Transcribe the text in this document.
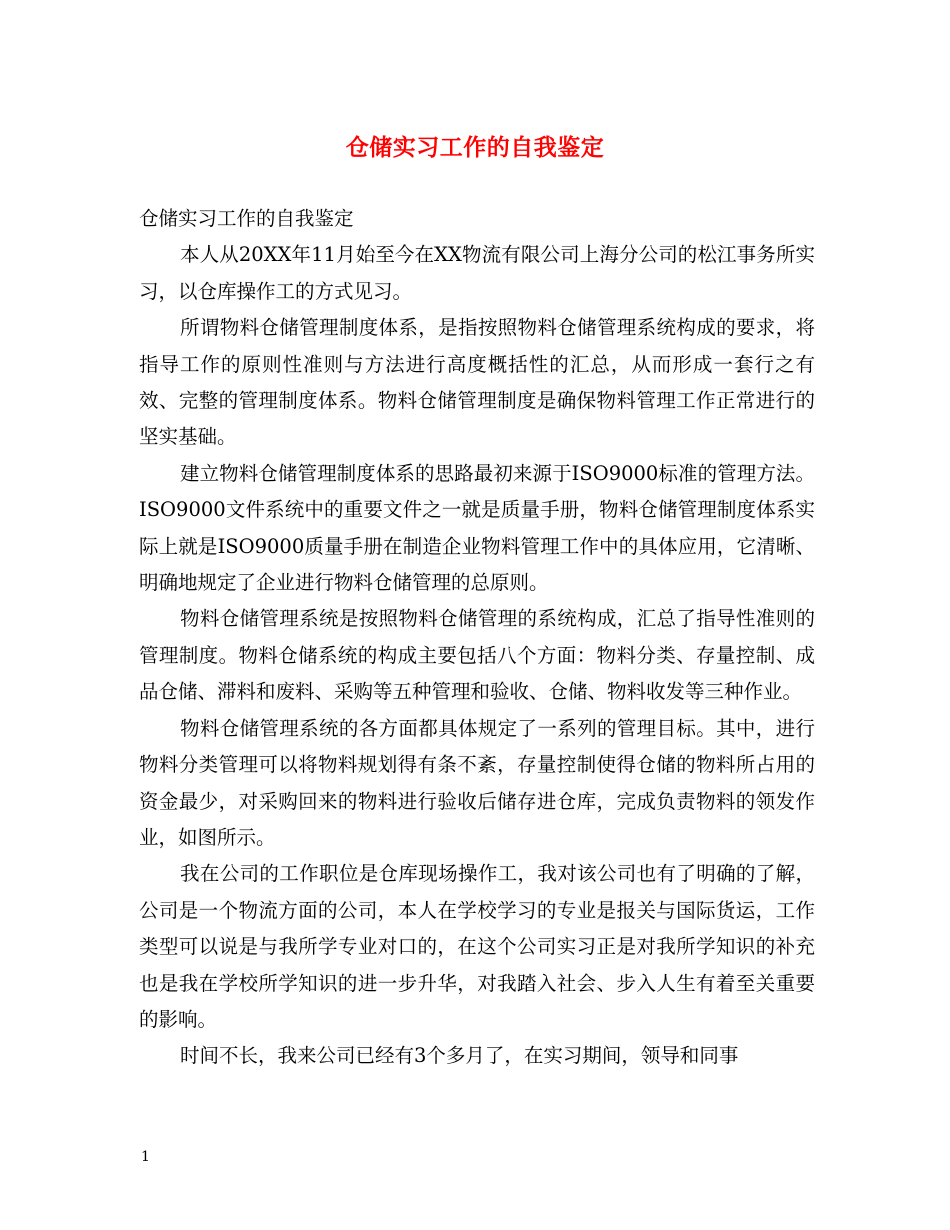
仓储实习工作的自我鉴定

仓储实习工作的自我鉴定

本人从20XX年11月始至今在XX物流有限公司上海分公司的松江事务所实习，以仓库操作工的方式见习。

所谓物料仓储管理制度体系，是指按照物料仓储管理系统构成的要求，将指导工作的原则性准则与方法进行高度概括性的汇总，从而形成一套行之有效、完整的管理制度体系。物料仓储管理制度是确保物料管理工作正常进行的坚实基础。

建立物料仓储管理制度体系的思路最初来源于ISO9000标准的管理方法。ISO9000文件系统中的重要文件之一就是质量手册，物料仓储管理制度体系实际上就是ISO9000质量手册在制造企业物料管理工作中的具体应用，它清晰、明确地规定了企业进行物料仓储管理的总原则。

物料仓储管理系统是按照物料仓储管理的系统构成，汇总了指导性准则的管理制度。物料仓储系统的构成主要包括八个方面：物料分类、存量控制、成品仓储、滞料和废料、采购等五种管理和验收、仓储、物料收发等三种作业。

物料仓储管理系统的各方面都具体规定了一系列的管理目标。其中，进行物料分类管理可以将物料规划得有条不紊，存量控制使得仓储的物料所占用的资金最少，对采购回来的物料进行验收后储存进仓库，完成负责物料的领发作业，如图所示。

我在公司的工作职位是仓库现场操作工，我对该公司也有了明确的了解，公司是一个物流方面的公司，本人在学校学习的专业是报关与国际货运，工作类型可以说是与我所学专业对口的，在这个公司实习正是对我所学知识的补充也是我在学校所学知识的进一步升华，对我踏入社会、步入人生有着至关重要的影响。

时间不长，我来公司已经有3个多月了，在实习期间，领导和同事

1
